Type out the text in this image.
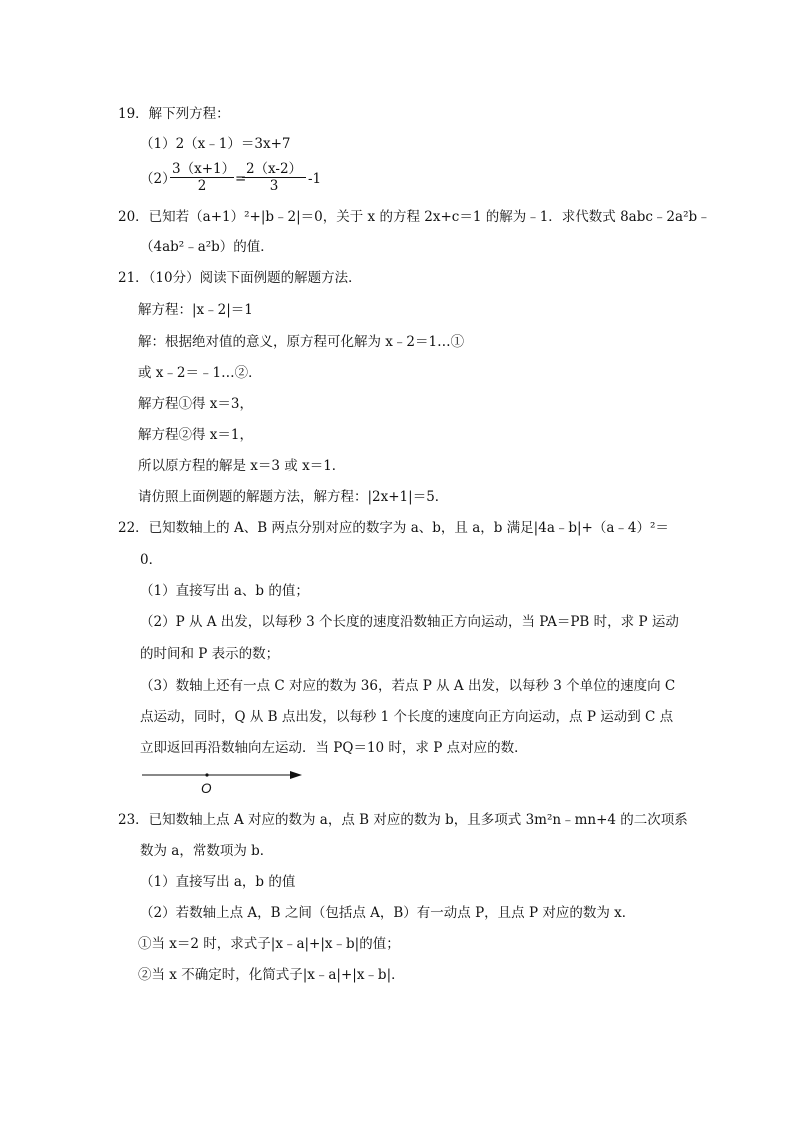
19．解下列方程：
（1）2（x﹣1）＝3x+7
（2）
$\frac{3(x+1)}{2}$ =
$\frac{2(x-2)}{3} -1$
20．已知若（a+1）²+|b﹣2|＝0，关于 x 的方程 2x+c＝1 的解为﹣1．求代数式 8abc﹣2a²b﹣
（4ab²﹣a²b）的值．
21．（10分）阅读下面例题的解题方法．
解方程：|x﹣2|＝1
解：根据绝对值的意义，原方程可化解为 x﹣2＝1…①
或 x﹣2＝﹣1…②．
解方程①得 x＝3，
解方程②得 x＝1，
所以原方程的解是 x＝3 或 x＝1．
请仿照上面例题的解题方法，解方程：|2x+1|＝5．
22．已知数轴上的 A、B 两点分别对应的数字为 a、b，且 a，b 满足|4a﹣b|+（a﹣4）²＝
0．
（1）直接写出 a、b 的值；
（2）P 从 A 出发，以每秒 3 个长度的速度沿数轴正方向运动，当 PA＝PB 时，求 P 运动
的时间和 P 表示的数；
（3）数轴上还有一点 C 对应的数为 36，若点 P 从 A 出发，以每秒 3 个单位的速度向 C
点运动，同时，Q 从 B 点出发，以每秒 1 个长度的速度向正方向运动，点 P 运动到 C 点
立即返回再沿数轴向左运动．当 PQ＝10 时，求 P 点对应的数．
O
23．已知数轴上点 A 对应的数为 a，点 B 对应的数为 b，且多项式 3m²n﹣mn+4 的二次项系
数为 a，常数项为 b．
（1）直接写出 a，b 的值
（2）若数轴上点 A，B 之间（包括点 A，B）有一动点 P，且点 P 对应的数为 x．
①当 x＝2 时，求式子|x﹣a|+|x﹣b|的值；
②当 x 不确定时，化简式子|x﹣a|+|x﹣b|．
